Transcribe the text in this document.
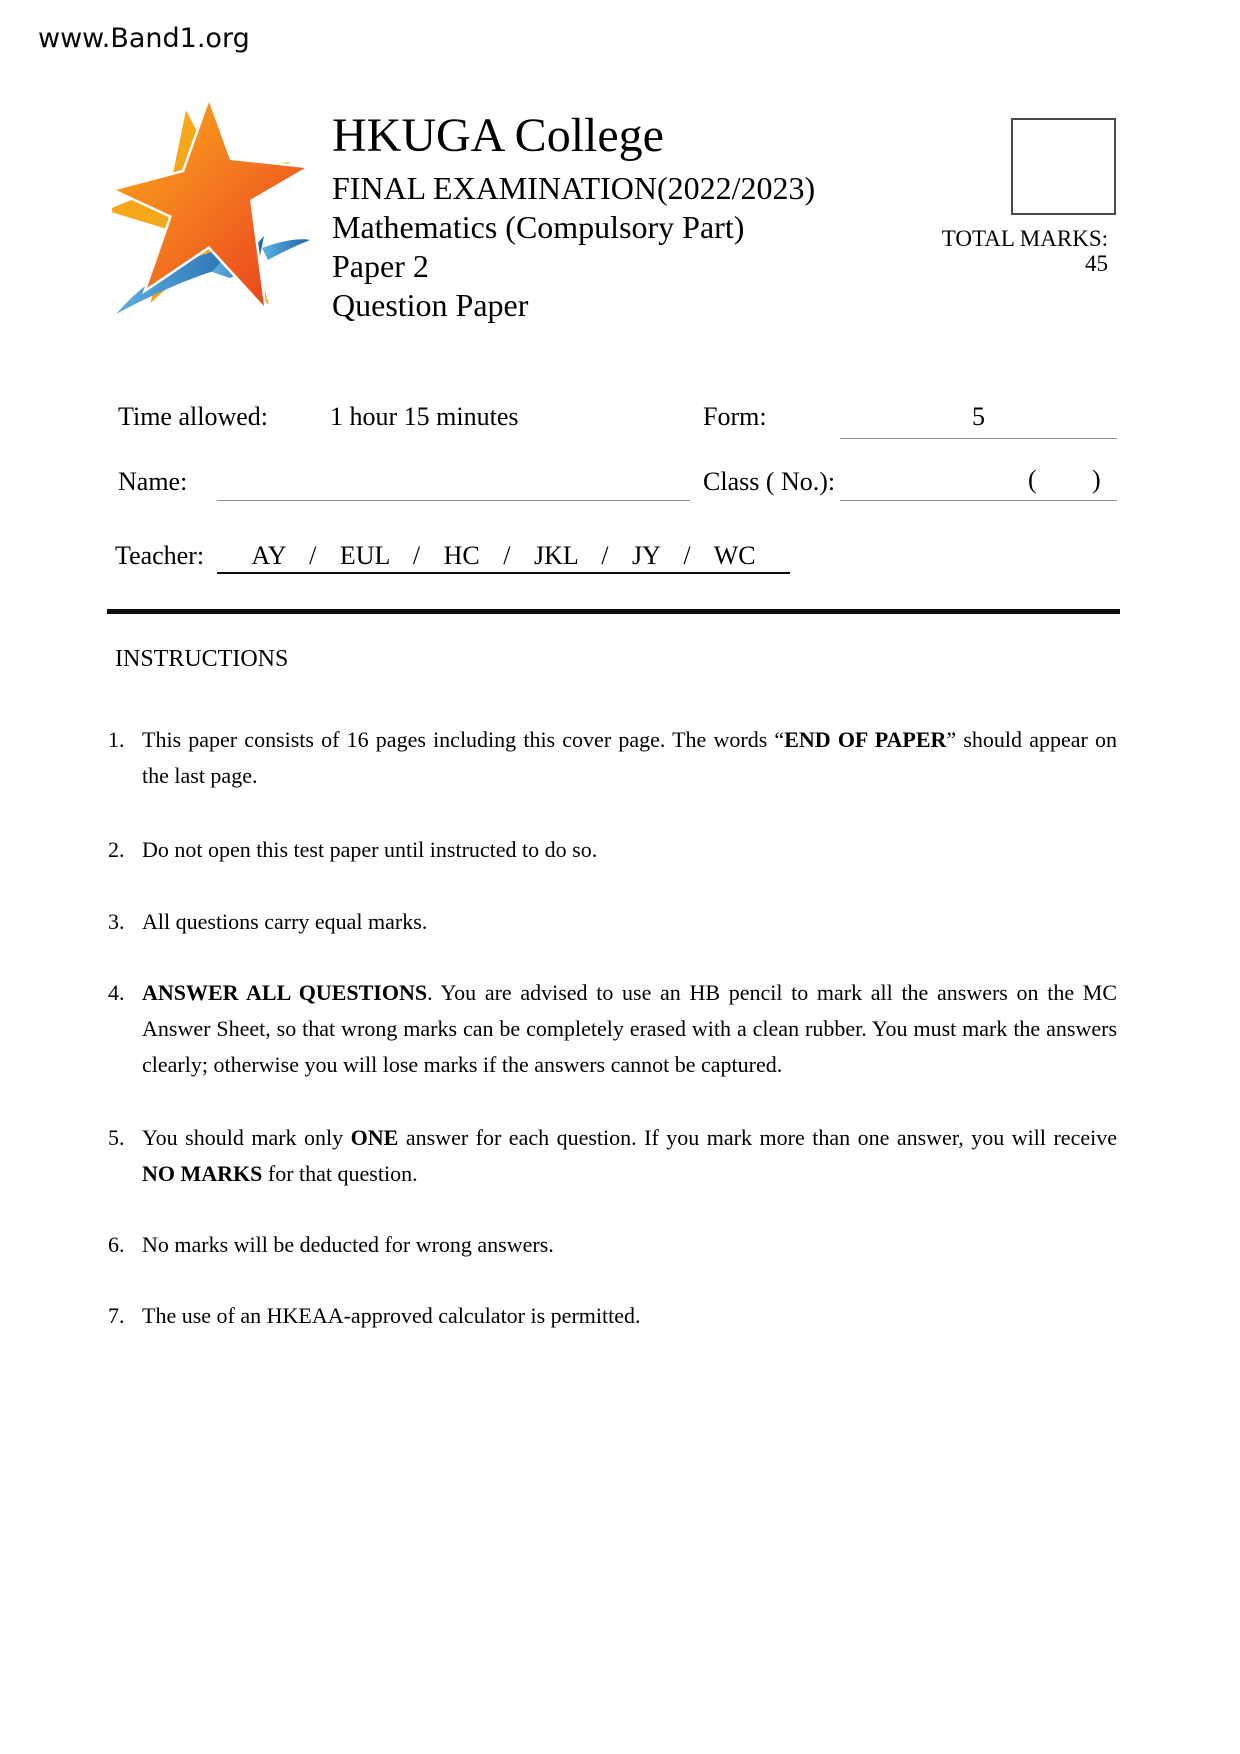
www.Band1.org
HKUGA College
FINAL EXAMINATION(2022/2023)
Mathematics (Compulsory Part)
Paper 2
Question Paper
TOTAL MARKS: 45
Time allowed: 1 hour 15 minutes	Form:	5
Name:	Class ( No.):	( )
Teacher:	AY / EUL / HC / JKL / JY / WC
INSTRUCTIONS
1. This paper consists of 16 pages including this cover page. The words “END OF PAPER” should appear on the last page.
2. Do not open this test paper until instructed to do so.
3. All questions carry equal marks.
4. ANSWER ALL QUESTIONS. You are advised to use an HB pencil to mark all the answers on the MC Answer Sheet, so that wrong marks can be completely erased with a clean rubber. You must mark the answers clearly; otherwise you will lose marks if the answers cannot be captured.
5. You should mark only ONE answer for each question. If you mark more than one answer, you will receive NO MARKS for that question.
6. No marks will be deducted for wrong answers.
7. The use of an HKEAA-approved calculator is permitted.
